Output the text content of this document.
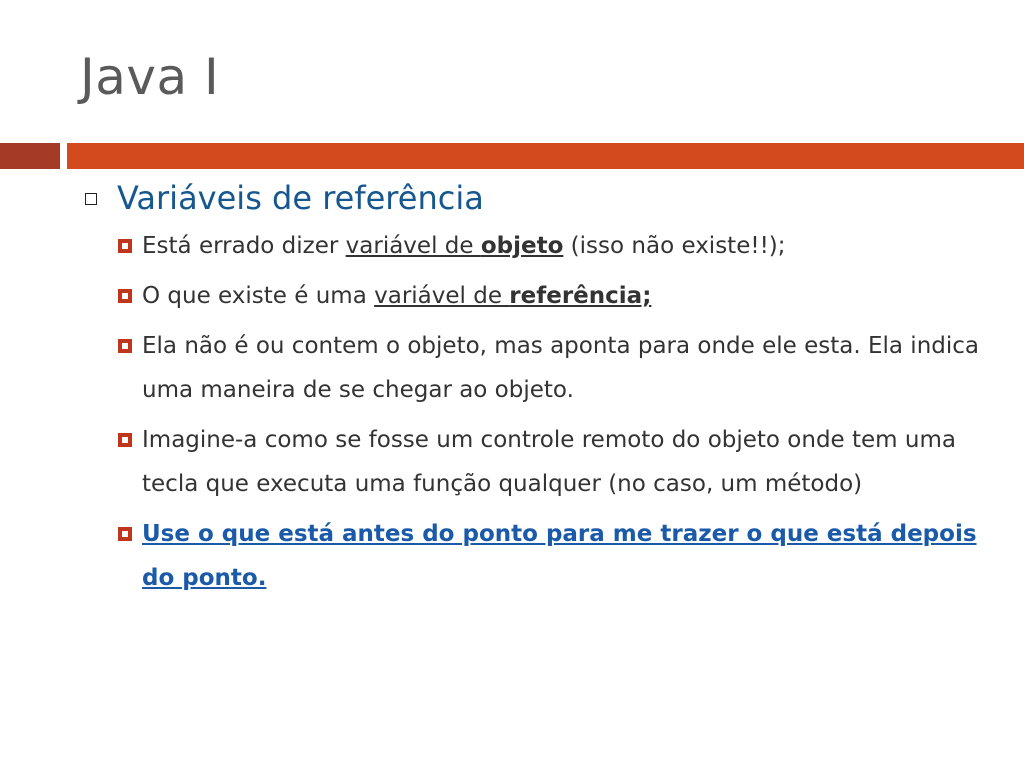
Java I
Variáveis de referência
Está errado dizer variável de objeto (isso não existe!!);
O que existe é uma variável de referência;
Ela não é ou contem o objeto, mas aponta para onde ele esta. Ela indica uma maneira de se chegar ao objeto.
Imagine-a como se fosse um controle remoto do objeto onde tem uma tecla que executa uma função qualquer (no caso, um método)
Use o que está antes do ponto para me trazer o que está depois do ponto.
